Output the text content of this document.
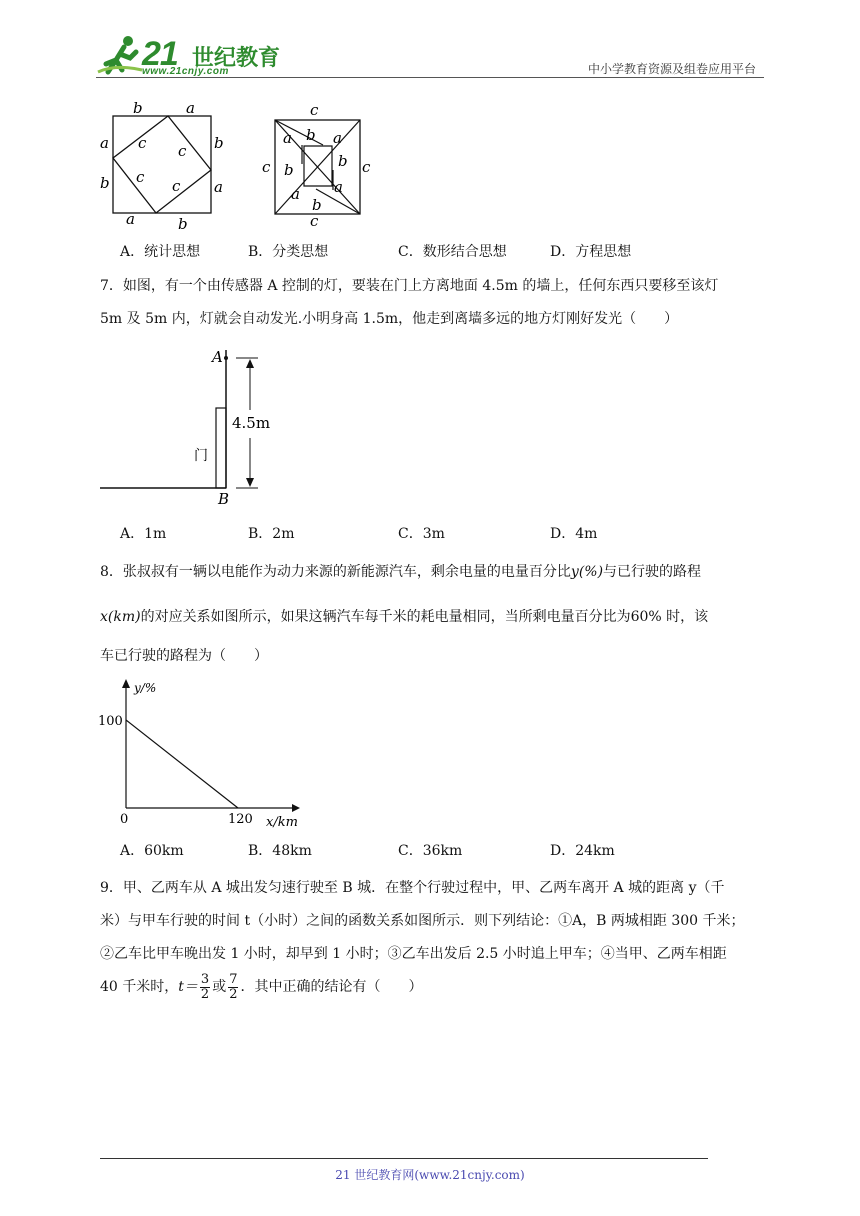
21 世纪教育
www.21cnjy.com	中小学教育资源及组卷应用平台
b	a
a
b
c c b
c c a
a	b
c
a b a
c b	b c
a a
b
c
A．统计思想	B．分类思想	C．数形结合思想	D．方程思想
7．如图，有一个由传感器 A 控制的灯，要装在门上方离地面 4.5m 的墙上，任何东西只要移至该灯
5m 及 5m 内，灯就会自动发光.小明身高 1.5m，他走到离墙多远的地方灯刚好发光（　　）
A
B
4.5m
门
A．1m	B．2m	C．3m	D．4m
8．张叔叔有一辆以电能作为动力来源的新能源汽车，剩余电量的电量百分比y(%)与已行驶的路程
x(km)的对应关系如图所示，如果这辆汽车每千米的耗电量相同，当所剩电量百分比为60% 时，该
车已行驶的路程为（　　）
y/%
x/km
0
100
120
A．60km	B．48km	C．36km	D．24km
9．甲、乙两车从 A 城出发匀速行驶至 B 城．在整个行驶过程中，甲、乙两车离开 A 城的距离 y（千
米）与甲车行驶的时间 t（小时）之间的函数关系如图所示．则下列结论：①A，B 两城相距 300 千米；
②乙车比甲车晚出发 1 小时，却早到 1 小时；③乙车出发后 2.5 小时追上甲车；④当甲、乙两车相距
40 千米时，$t= \frac{3}{2}$ 或 $\frac{7}{2}$ ．其中正确的结论有（　　）
21 世纪教育网(www.21cnjy.com)
